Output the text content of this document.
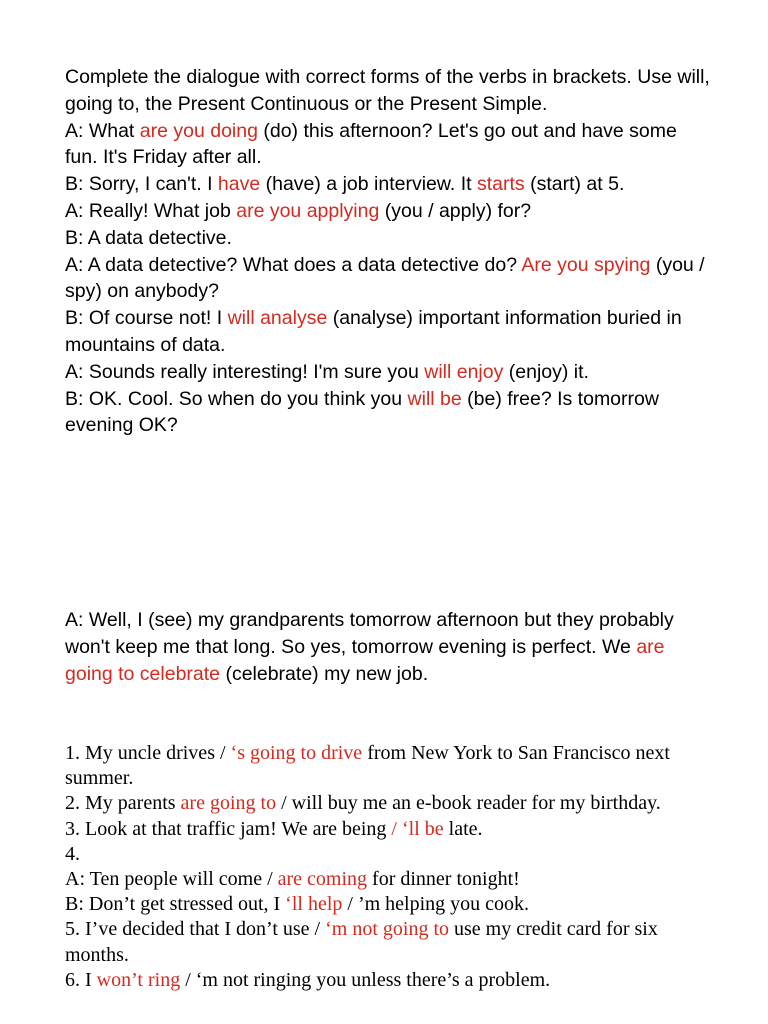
Complete the dialogue with correct forms of the verbs in brackets. Use will, going to, the Present Continuous or the Present Simple.
A: What are you doing (do) this afternoon? Let's go out and have some fun. It's Friday after all.
B: Sorry, I can't. I have (have) a job interview. It starts (start) at 5.
A: Really! What job are you applying (you / apply) for?
B: A data detective.
A: A data detective? What does a data detective do? Are you spying (you / spy) on anybody?
B: Of course not! I will analyse (analyse) important information buried in mountains of data.
A: Sounds really interesting! I'm sure you will enjoy (enjoy) it.
B: OK. Cool. So when do you think you will be (be) free? Is tomorrow evening OK?
A: Well, I (see) my grandparents tomorrow afternoon but they probably won't keep me that long. So yes, tomorrow evening is perfect. We are going to celebrate (celebrate) my new job.
1. My uncle drives / ‘s going to drive from New York to San Francisco next summer.
2. My parents are going to / will buy me an e-book reader for my birthday.
3. Look at that traffic jam! We are being / ‘ll be late.
4.
A: Ten people will come / are coming for dinner tonight!
B: Don’t get stressed out, I ‘ll help / ’m helping you cook.
5. I’ve decided that I don’t use / ‘m not going to use my credit card for six months.
6. I won’t ring / ‘m not ringing you unless there’s a problem.
